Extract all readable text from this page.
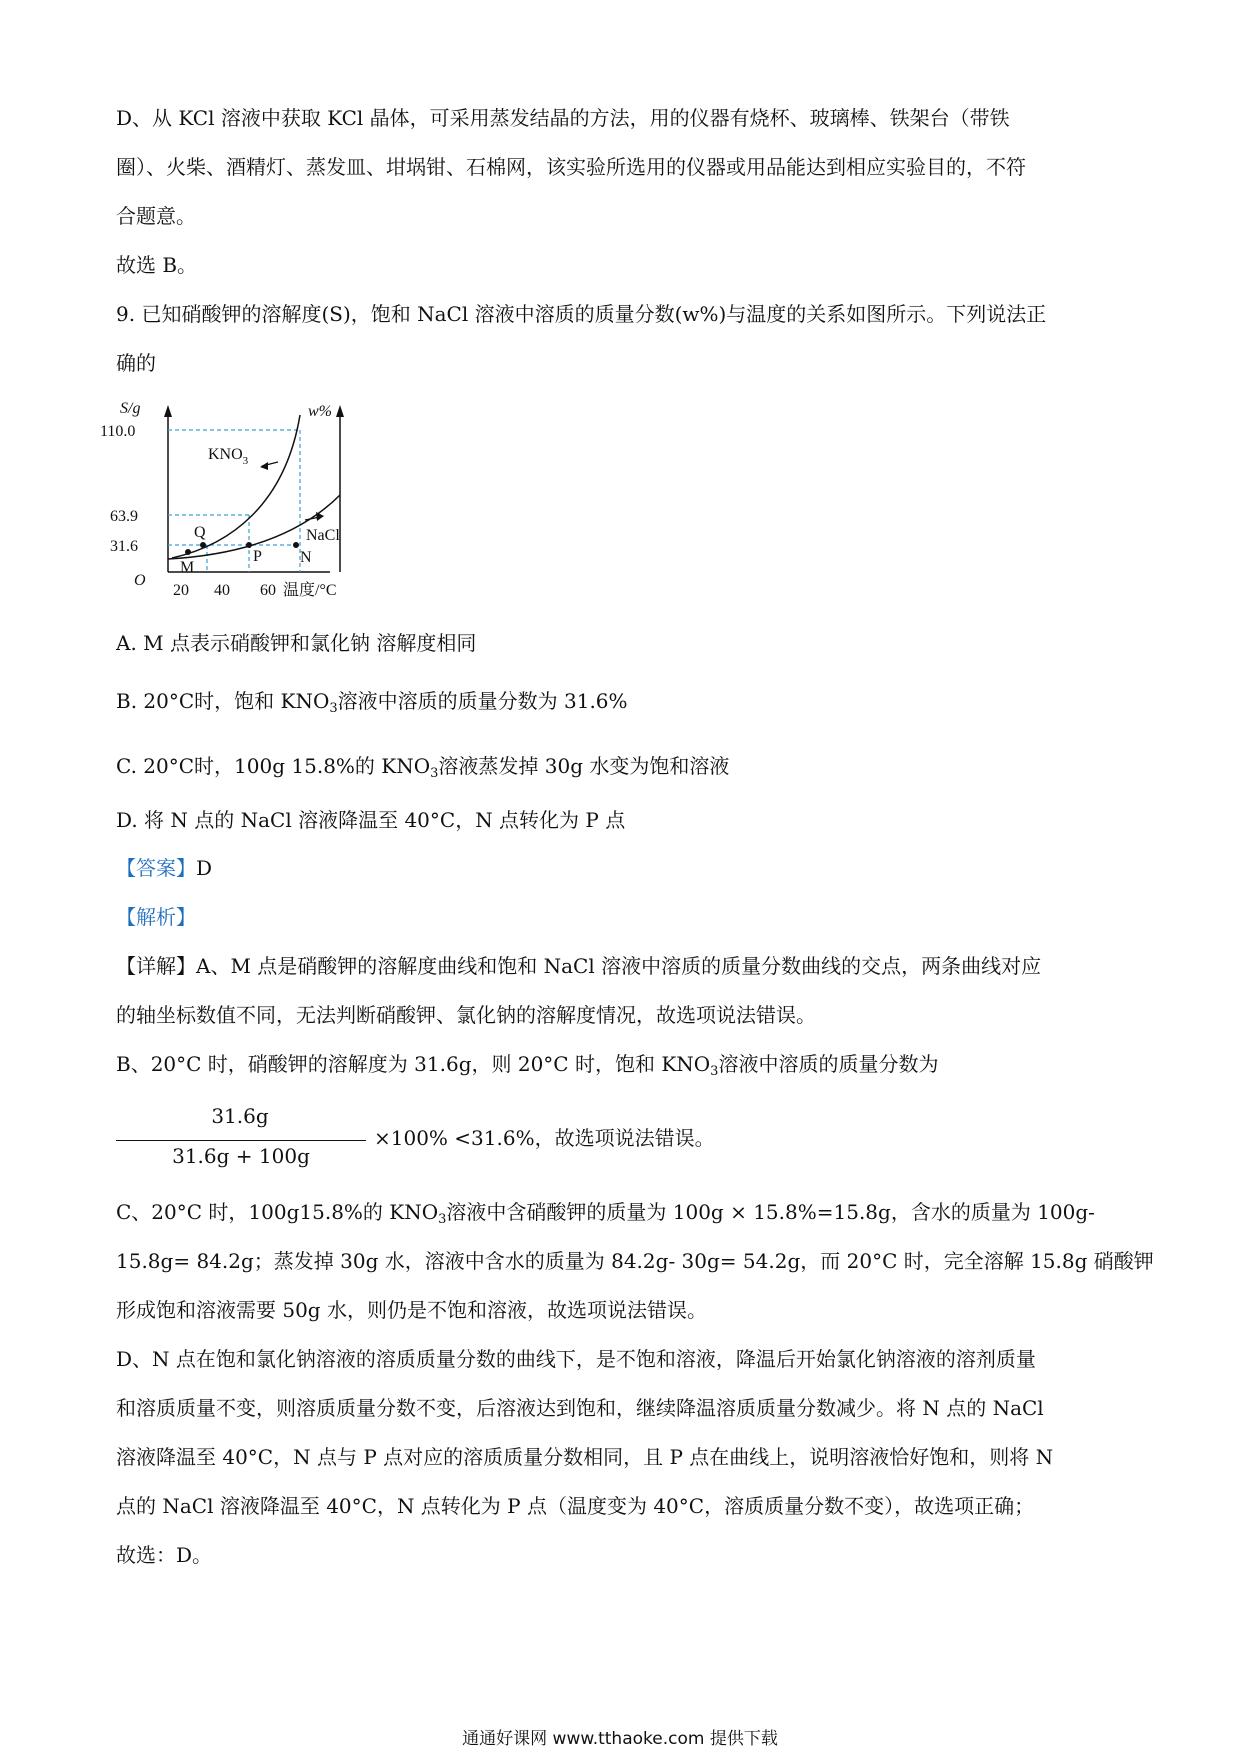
D、从 KCl 溶液中获取 KCl 晶体，可采用蒸发结晶的方法，用的仪器有烧杯、玻璃棒、铁架台（带铁
圈）、火柴、酒精灯、蒸发皿、坩埚钳、石棉网，该实验所选用的仪器或用品能达到相应实验目的，不符
合题意。
故选 B。
9. 已知硝酸钾的溶解度(S)，饱和 NaCl 溶液中溶质的质量分数(w%)与温度的关系如图所示。下列说法正
确的
S/g	w%
110.0
63.9
31.6
O
20 40 60 温度/°C
$KNO_3$
NaCl
Q
M
P N
A. M 点表示硝酸钾和氯化钠 溶解度相同
B. 20°C时，饱和 $KNO_3$溶液中溶质的质量分数为 31.6%
C. 20°C时，100g 15.8%的 $KNO_3$溶液蒸发掉 30g 水变为饱和溶液
D. 将 N 点的 NaCl 溶液降温至 40°C，N 点转化为 P 点
【答案】D
【解析】
【详解】A、M 点是硝酸钾的溶解度曲线和饱和 NaCl 溶液中溶质的质量分数曲线的交点，两条曲线对应
的轴坐标数值不同，无法判断硝酸钾、氯化钠的溶解度情况，故选项说法错误。
B、20°C 时，硝酸钾的溶解度为 31.6g，则 20°C 时，饱和 $KNO_3$溶液中溶质的质量分数为
31.6g
31.6g + 100g
×100% <31.6%，故选项说法错误。
C、20°C 时，100g15.8%的 $KNO_3$溶液中含硝酸钾的质量为 100g × 15.8%=15.8g，含水的质量为 100g-
15.8g= 84.2g；蒸发掉 30g 水，溶液中含水的质量为 84.2g- 30g= 54.2g，而 20°C 时，完全溶解 15.8g 硝酸钾
形成饱和溶液需要 50g 水，则仍是不饱和溶液，故选项说法错误。
D、N 点在饱和氯化钠溶液的溶质质量分数的曲线下，是不饱和溶液，降温后开始氯化钠溶液的溶剂质量
和溶质质量不变，则溶质质量分数不变，后溶液达到饱和，继续降温溶质质量分数减少。将 N 点的 NaCl
溶液降温至 40°C，N 点与 P 点对应的溶质质量分数相同，且 P 点在曲线上，说明溶液恰好饱和，则将 N
点的 NaCl 溶液降温至 40°C，N 点转化为 P 点（温度变为 40°C，溶质质量分数不变），故选项正确；
故选：D。
通通好课网 www.tthaoke.com 提供下载
